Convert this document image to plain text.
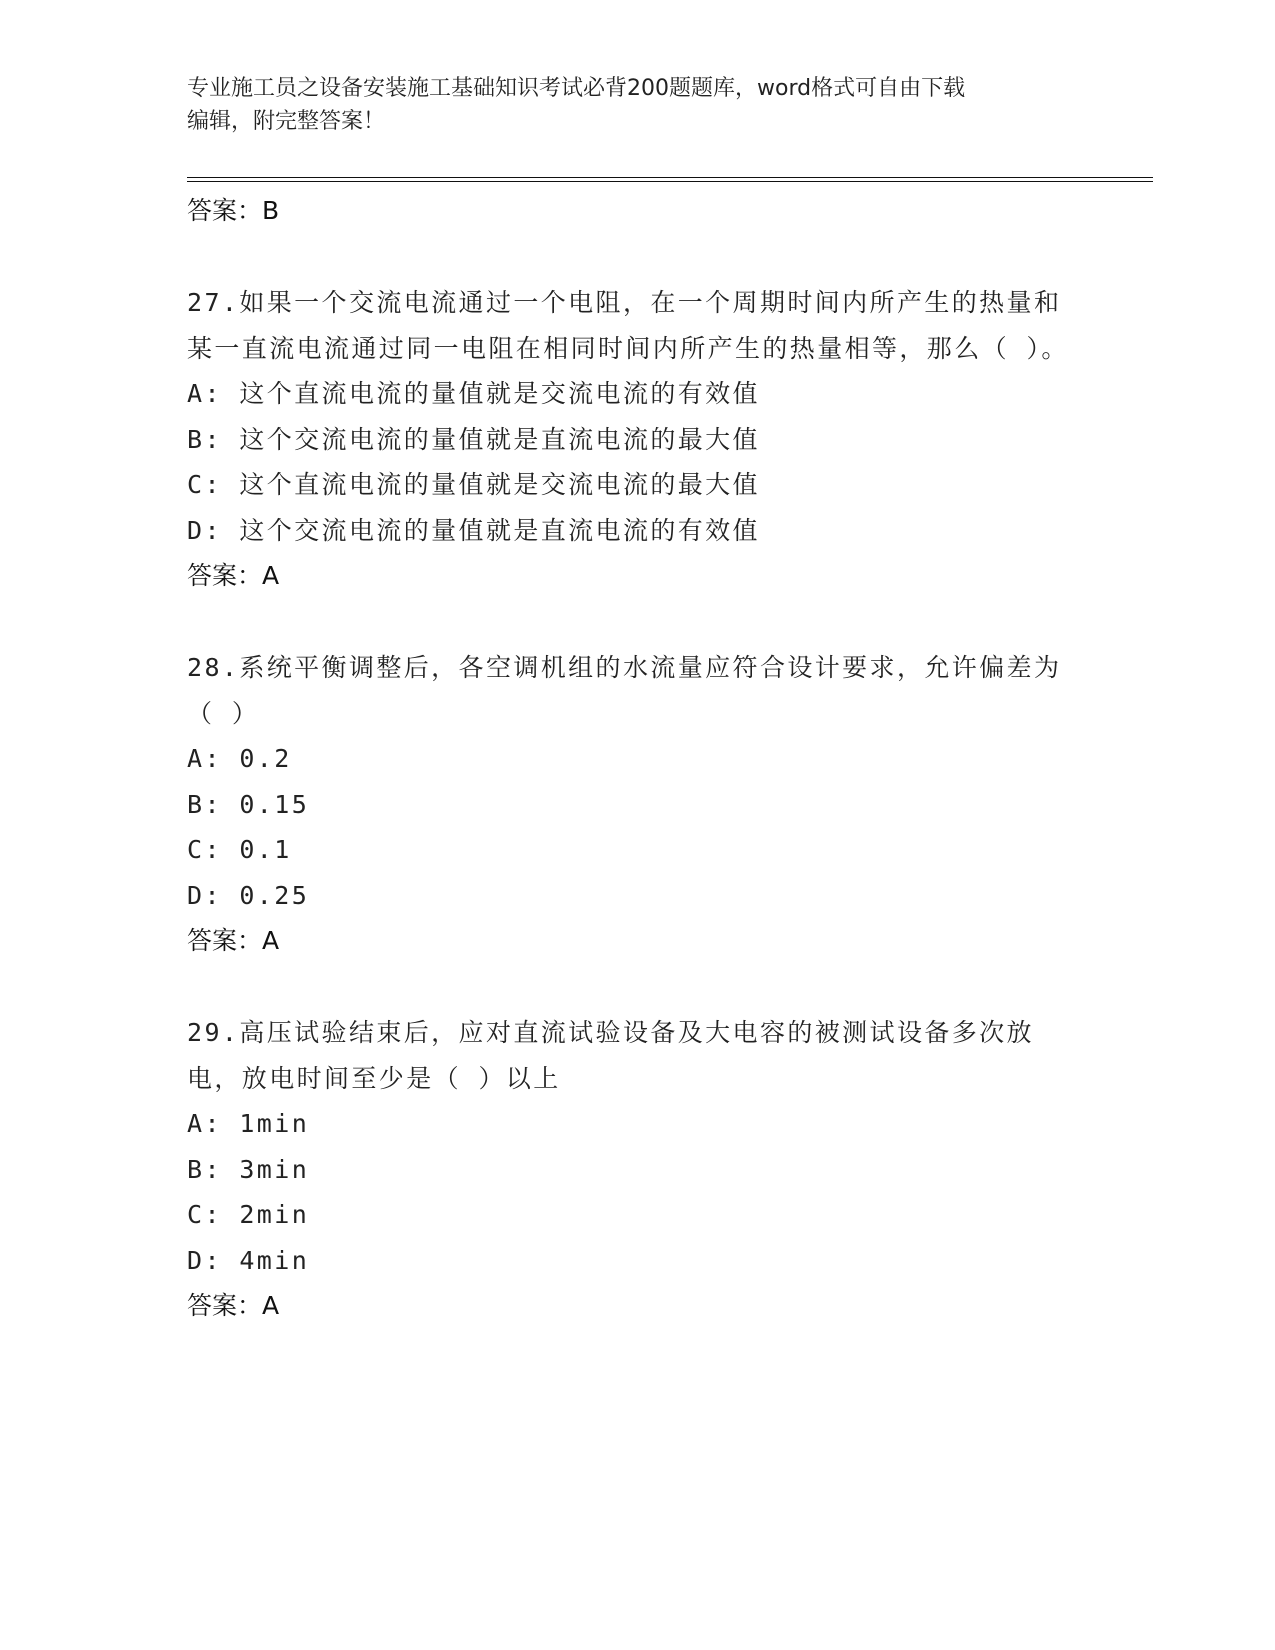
专业施工员之设备安装施工基础知识考试必背200题题库，word格式可自由下载
编辑，附完整答案！
答案：B
27.如果一个交流电流通过一个电阻，在一个周期时间内所产生的热量和某一直流电流通过同一电阻在相同时间内所产生的热量相等，那么（ ）。
A: 这个直流电流的量值就是交流电流的有效值
B: 这个交流电流的量值就是直流电流的最大值
C: 这个直流电流的量值就是交流电流的最大值
D: 这个交流电流的量值就是直流电流的有效值
答案：A
28.系统平衡调整后，各空调机组的水流量应符合设计要求，允许偏差为（ ）
A: 0.2
B: 0.15
C: 0.1
D: 0.25
答案：A
29.高压试验结束后，应对直流试验设备及大电容的被测试设备多次放电，放电时间至少是（ ）以上
A: 1min
B: 3min
C: 2min
D: 4min
答案：A
